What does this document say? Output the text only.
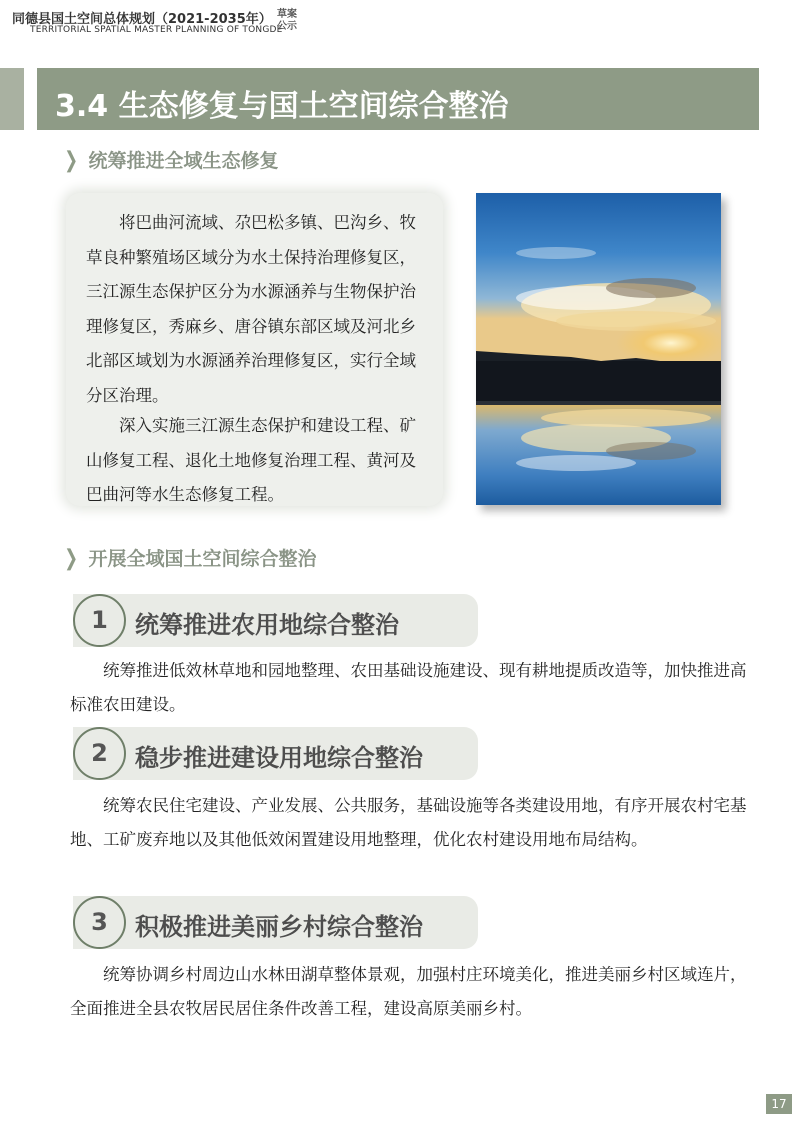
同德县国土空间总体规划（2021-2035年）
TERRITORIAL SPATIAL MASTER PLANNING OF TONGDE
草案公示
3.4 生态修复与国土空间综合整治
❯ 统筹推进全域生态修复

将巴曲河流域、尕巴松多镇、巴沟乡、牧草良种繁殖场区域分为水土保持治理修复区，三江源生态保护区分为水源涵养与生物保护治理修复区，秀麻乡、唐谷镇东部区域及河北乡北部区域划为水源涵养治理修复区，实行全域分区治理。

深入实施三江源生态保护和建设工程、矿山修复工程、退化土地修复治理工程、黄河及巴曲河等水生态修复工程。

❯ 开展全域国土空间综合整治
1	统筹推进农用地综合整治

统筹推进低效林草地和园地整理、农田基础设施建设、现有耕地提质改造等，加快推进高标准农田建设。

2	稳步推进建设用地综合整治

统筹农民住宅建设、产业发展、公共服务，基础设施等各类建设用地，有序开展农村宅基地、工矿废弃地以及其他低效闲置建设用地整理，优化农村建设用地布局结构。

3	积极推进美丽乡村综合整治

统筹协调乡村周边山水林田湖草整体景观，加强村庄环境美化，推进美丽乡村区域连片，全面推进全县农牧居民居住条件改善工程，建设高原美丽乡村。

17
